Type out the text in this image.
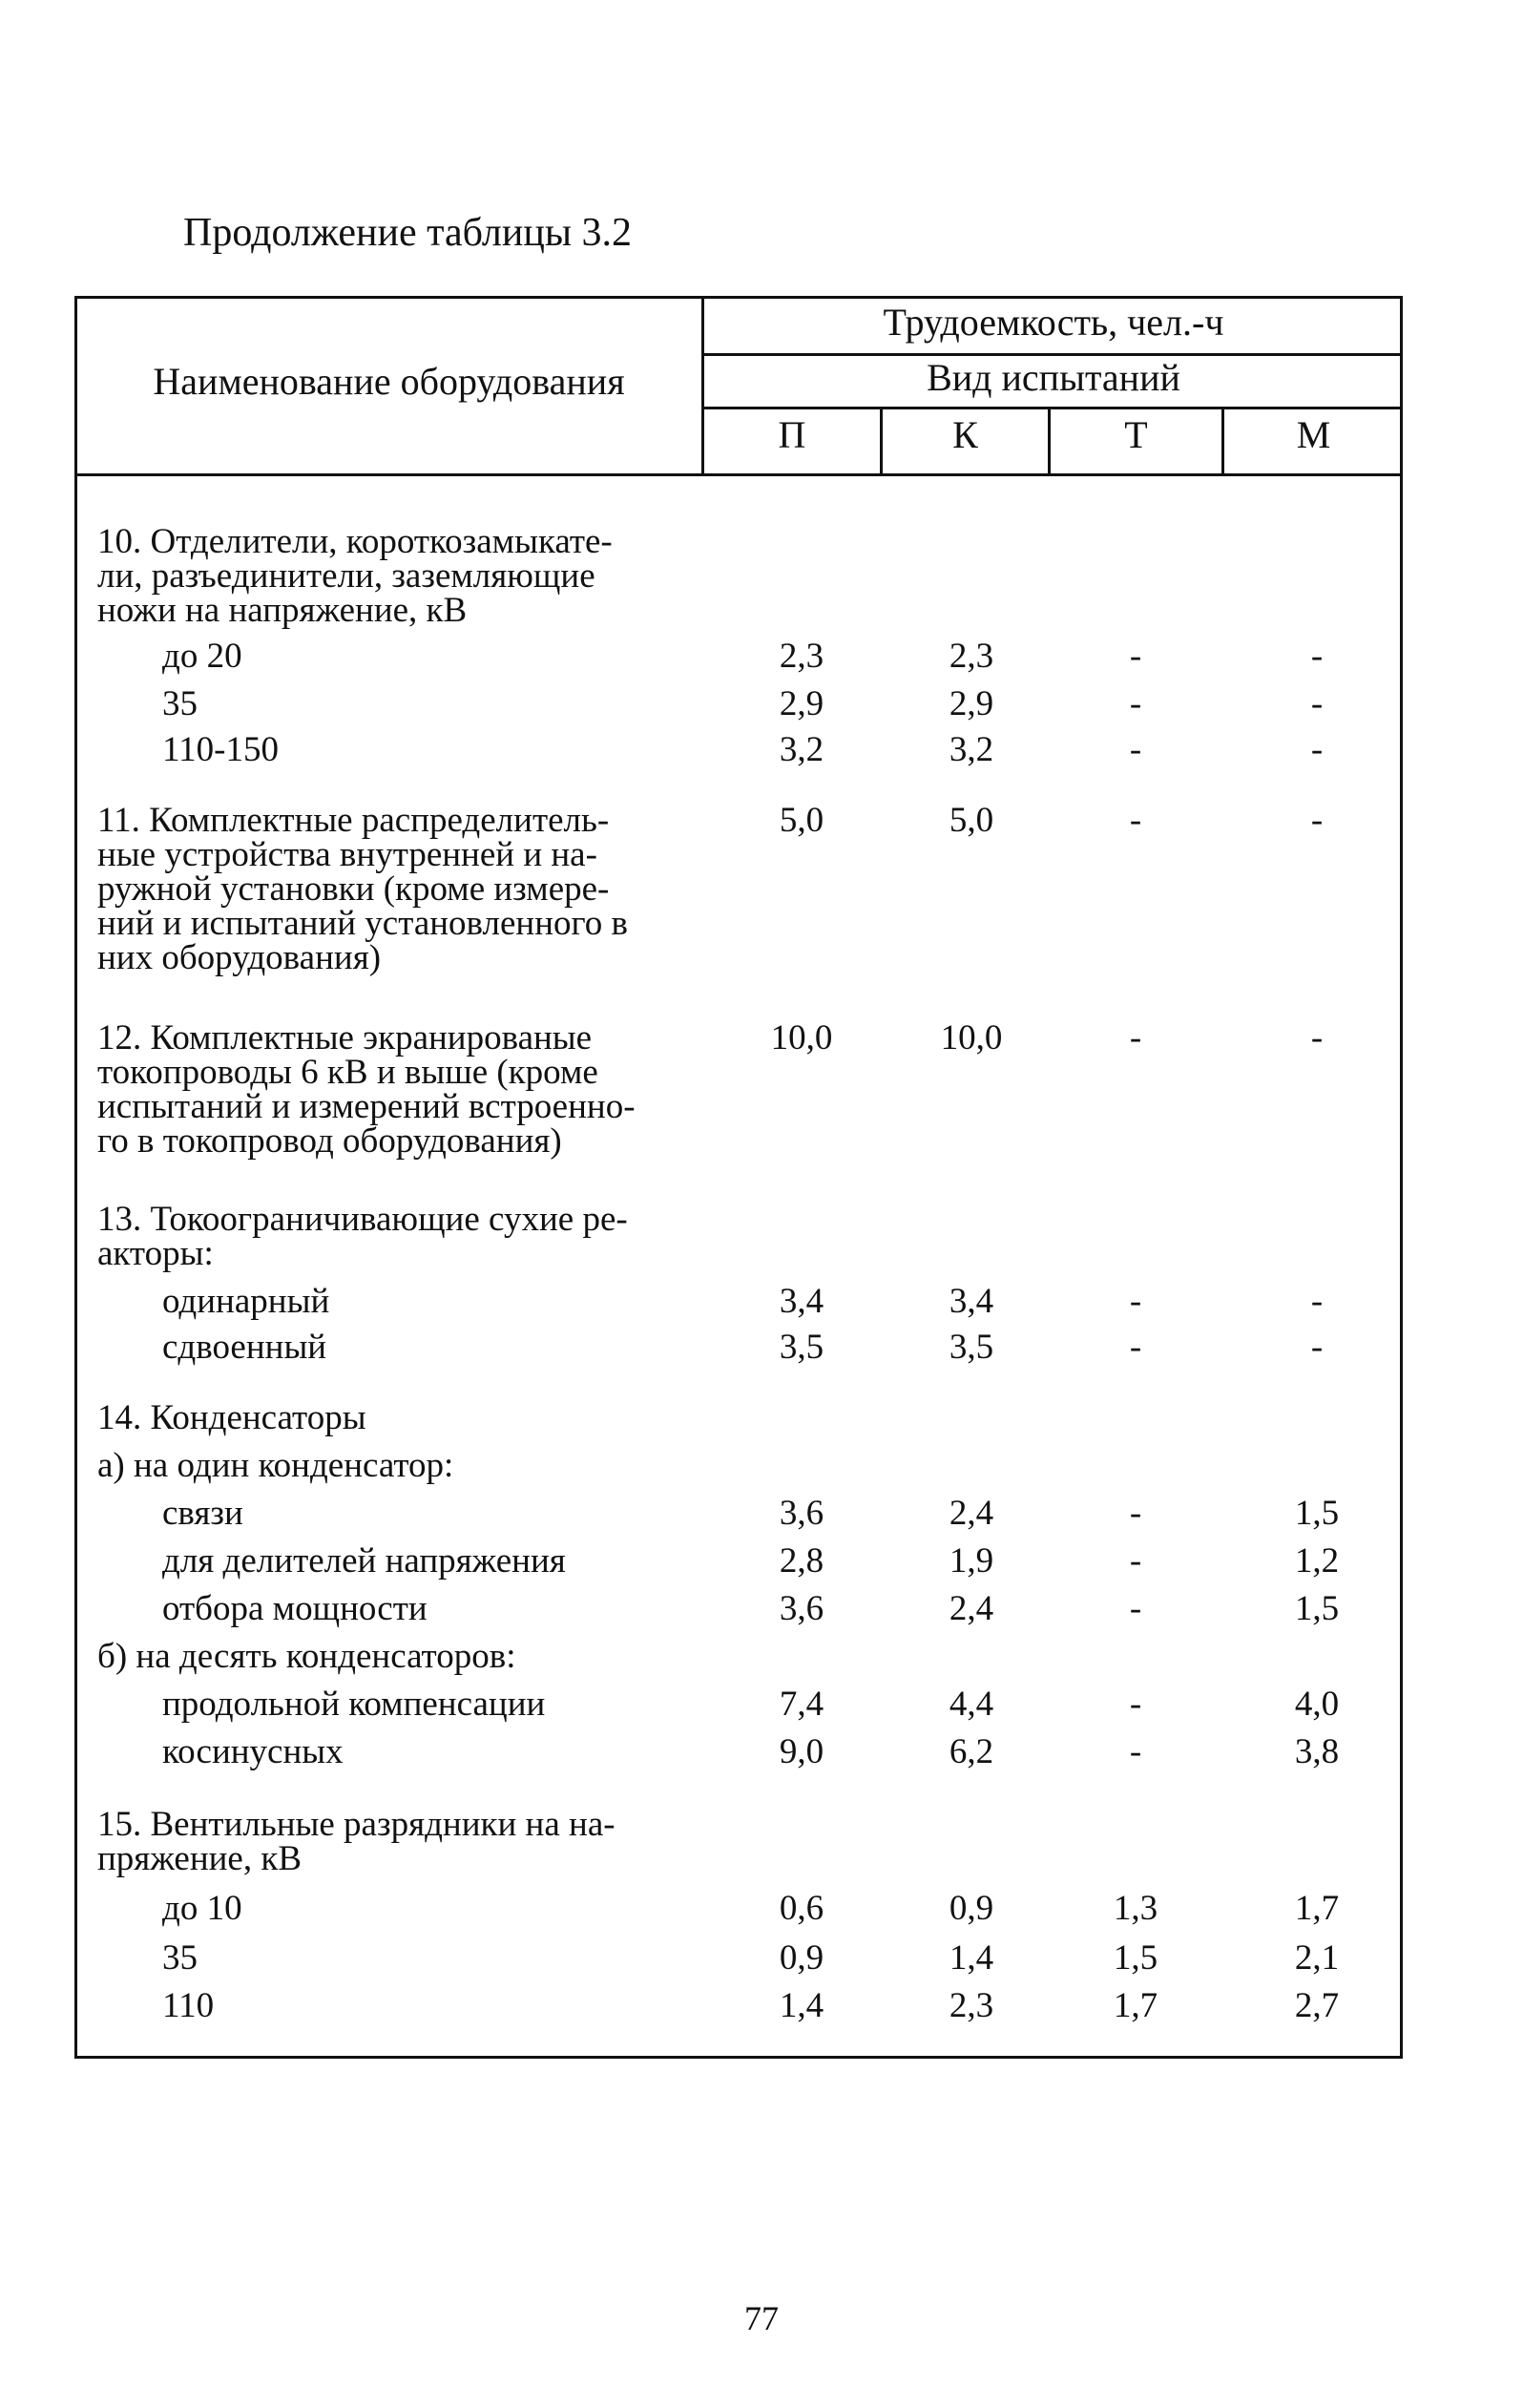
Продолжение таблицы 3.2
Наименование оборудования
Трудоемкость, чел.-ч
Вид испытаний
П	К	Т	М
10. Отделители, короткозамыкате-
ли, разъединители, заземляющие
ножи на напряжение, кВ
до 20	2,3	2,3	-	-
35	2,9	2,9	-	-
110-150	3,2	3,2	-	-
11. Комплектные распределитель-	5,0	5,0	-	-
ные устройства внутренней и на-
ружной установки (кроме измере-
ний и испытаний установленного в
них оборудования)
12. Комплектные экранированые	10,0	10,0	-	-
токопроводы 6 кВ и выше (кроме
испытаний и измерений встроенно-
го в токопровод оборудования)
13. Токоограничивающие сухие ре-
акторы:
одинарный	3,4	3,4	-	-
сдвоенный	3,5	3,5	-	-
14. Конденсаторы
а) на один конденсатор:
связи	3,6	2,4	-	1,5
для делителей напряжения	2,8	1,9	-	1,2
отбора мощности	3,6	2,4	-	1,5
б) на десять конденсаторов:
продольной компенсации	7,4	4,4	-	4,0
косинусных	9,0	6,2	-	3,8
15. Вентильные разрядники на на-
пряжение, кВ
до 10	0,6	0,9	1,3	1,7
35	0,9	1,4	1,5	2,1
110	1,4	2,3	1,7	2,7
77
